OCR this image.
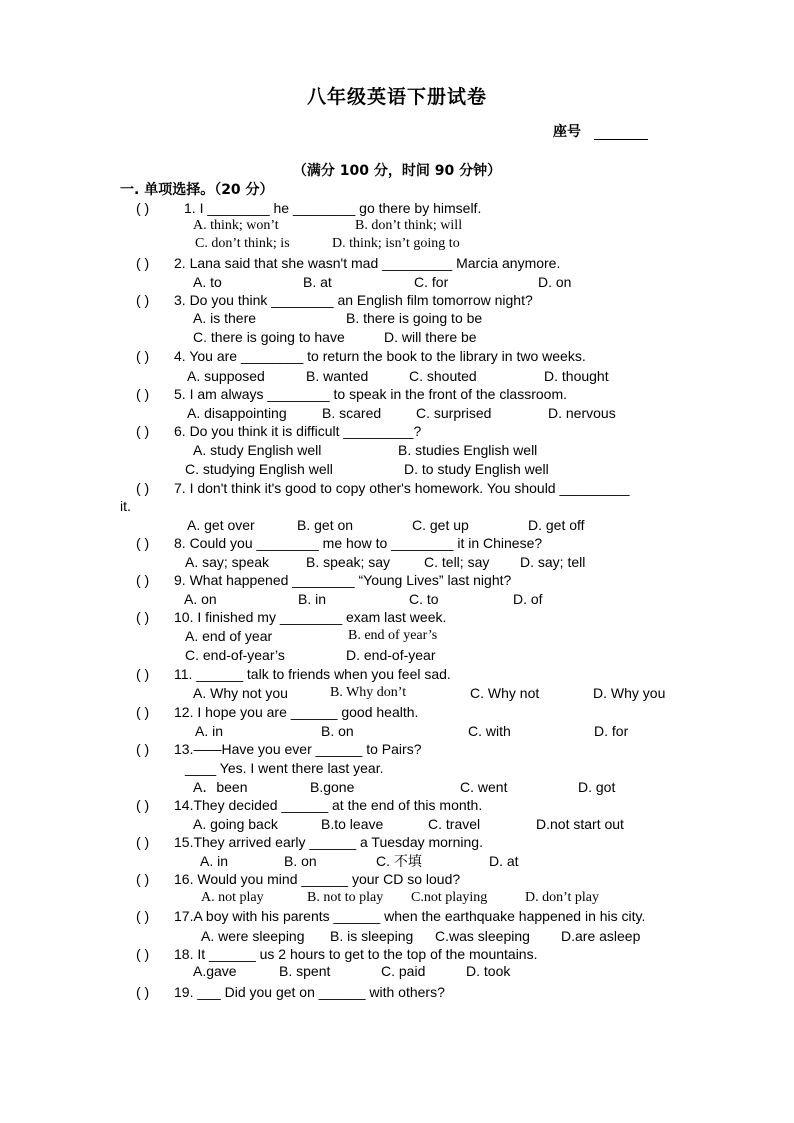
八年级英语下册试卷
座号
（满分 100 分，时间 90 分钟）
一. 单项选择。（20 分）
( ) 1. I ________ he ________ go there by himself.
A. think; won’t	B. don’t think; will
C. don’t think; is	D. think; isn’t going to
( ) 2. Lana said that she wasn't mad _________ Marcia anymore.
A. to	B. at	C. for	D. on
( ) 3. Do you think ________ an English film tomorrow night?
A. is there	B. there is going to be
C. there is going to have	D. will there be
( ) 4. You are ________ to return the book to the library in two weeks.
A. supposed	B. wanted	C. shouted	D. thought
( ) 5. I am always ________ to speak in the front of the classroom.
A. disappointing	B. scared C. surprised	D. nervous
( ) 6. Do you think it is difficult _________?
A. study English well	B. studies English well
C. studying English well	D. to study English well
( ) 7. I don't think it's good to copy other's homework. You should _________
it.
A. get over	B. get on	C. get up	D. get off
( ) 8. Could you ________ me how to ________ it in Chinese?
A. say; speak	B. speak; say C. tell; say D. say; tell
( ) 9. What happened ________ “Young Lives” last night?
A. on	B. in	C. to	D. of
( ) 10. I finished my ________ exam last week.
A. end of year	B. end of year’s
C. end-of-year’s	D. end-of-year
( ) 11. ______ talk to friends when you feel sad.
A. Why not you	B. Why don’t	C. Why not	D. Why you
( ) 12. I hope you are ______ good health.
A. in	B. on	C. with	D. for
( ) 13.——Have you ever ______ to Pairs?
____ Yes. I went there last year.
A．been	B.gone	C. went	D. got
( ) 14.They decided ______ at the end of this month.
A. going back	B.to leave	C. travel	D.not start out
( ) 15.They arrived early ______ a Tuesday morning.
A. in	B. on	C. 不填	D. at
( ) 16. Would you mind ______ your CD so loud?
A. not play	B. not to play C.not playing	D. don’t play
( ) 17.A boy with his parents ______ when the earthquake happened in his city.
A. were sleeping B. is sleeping C.was sleeping D.are asleep
( ) 18. It ______ us 2 hours to get to the top of the mountains.
A.gave	B. spent	C. paid	D. took
( ) 19. ___ Did you get on ______ with others?
